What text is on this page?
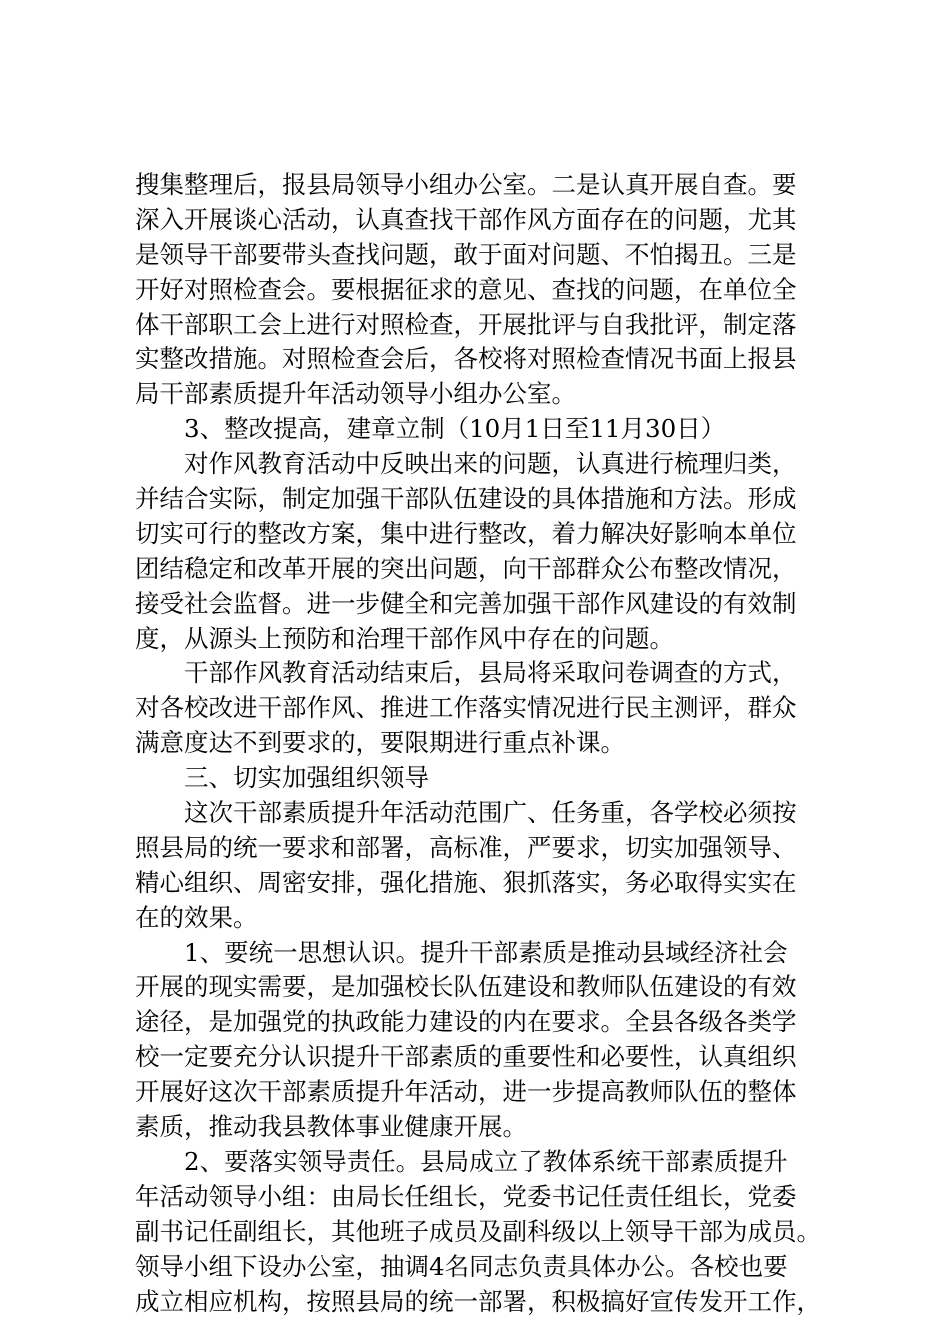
搜集整理后，报县局领导小组办公室。二是认真开展自查。要

深入开展谈心活动，认真查找干部作风方面存在的问题，尤其

是领导干部要带头查找问题，敢于面对问题、不怕揭丑。三是

开好对照检查会。要根据征求的意见、查找的问题，在单位全

体干部职工会上进行对照检查，开展批评与自我批评，制定落

实整改措施。对照检查会后，各校将对照检查情况书面上报县

局干部素质提升年活动领导小组办公室。

　　3、整改提高，建章立制（10月1日至11月30日）

　　对作风教育活动中反映出来的问题，认真进行梳理归类，

并结合实际，制定加强干部队伍建设的具体措施和方法。形成

切实可行的整改方案，集中进行整改，着力解决好影响本单位

团结稳定和改革开展的突出问题，向干部群众公布整改情况，

接受社会监督。进一步健全和完善加强干部作风建设的有效制

度，从源头上预防和治理干部作风中存在的问题。

　　干部作风教育活动结束后，县局将采取问卷调查的方式，

对各校改进干部作风、推进工作落实情况进行民主测评，群众

满意度达不到要求的，要限期进行重点补课。

　　三、切实加强组织领导

　　这次干部素质提升年活动范围广、任务重，各学校必须按

照县局的统一要求和部署，高标准，严要求，切实加强领导、

精心组织、周密安排，强化措施、狠抓落实，务必取得实实在

在的效果。

　　1、要统一思想认识。提升干部素质是推动县域经济社会

开展的现实需要，是加强校长队伍建设和教师队伍建设的有效

途径，是加强党的执政能力建设的内在要求。全县各级各类学

校一定要充分认识提升干部素质的重要性和必要性，认真组织

开展好这次干部素质提升年活动，进一步提高教师队伍的整体

素质，推动我县教体事业健康开展。

　　2、要落实领导责任。县局成立了教体系统干部素质提升

年活动领导小组：由局长任组长，党委书记任责任组长，党委

副书记任副组长，其他班子成员及副科级以上领导干部为成员。

领导小组下设办公室，抽调4名同志负责具体办公。各校也要

成立相应机构，按照县局的统一部署，积极搞好宣传发开工作，
